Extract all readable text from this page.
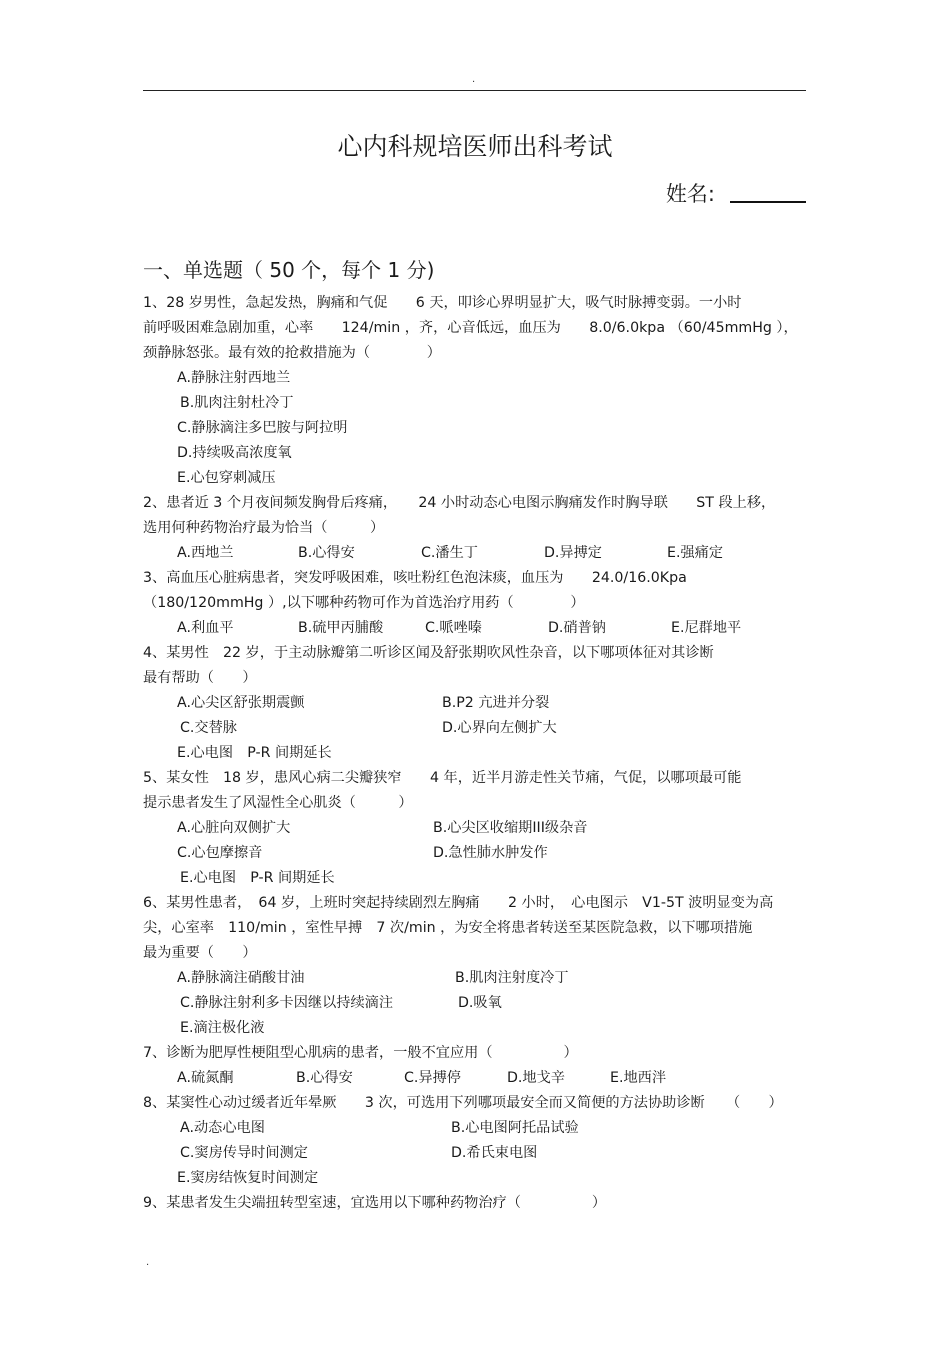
.
心内科规培医师出科考试
姓名:
一、单选题（ 50 个，每个 1 分)
1、28 岁男性，急起发热，胸痛和气促　　6 天，叩诊心界明显扩大，吸气时脉搏变弱。一小时
前呼吸困难急剧加重，心率　　124/min ，齐，心音低远，血压为　　8.0/6.0kpa （60/45mmHg ），
颈静脉怒张。最有效的抢救措施为（　　　　）
A.静脉注射西地兰
B.肌肉注射杜冷丁
C.静脉滴注多巴胺与阿拉明
D.持续吸高浓度氧
E.心包穿刺减压
2、患者近 3 个月夜间频发胸骨后疼痛，　　24 小时动态心电图示胸痛发作时胸导联　　ST 段上移，
选用何种药物治疗最为恰当（　　　）
A.西地兰	B.心得安	C.潘生丁	D.异搏定	E.强痛定
3、高血压心脏病患者，突发呼吸困难，咳吐粉红色泡沫痰，血压为　　24.0/16.0Kpa
（180/120mmHg ）,以下哪种药物可作为首选治疗用药（　　　　）
A.利血平	B.硫甲丙脯酸	C.哌唑嗪	D.硝普钠	E.尼群地平
4、某男性　22 岁，于主动脉瓣第二听诊区闻及舒张期吹风性杂音，以下哪项体征对其诊断
最有帮助（　　）
A.心尖区舒张期震颤	B.P2 亢进并分裂
C.交替脉	D.心界向左侧扩大
E.心电图　P-R 间期延长
5、某女性　18 岁，患风心病二尖瓣狭窄　　4 年，近半月游走性关节痛，气促，以哪项最可能
提示患者发生了风湿性全心肌炎（　　　）
A.心脏向双侧扩大	B.心尖区收缩期III级杂音
C.心包摩擦音	D.急性肺水肿发作
E.心电图　P-R 间期延长
6、某男性患者，　64 岁，上班时突起持续剧烈左胸痛　　2 小时，　心电图示　V1-5T 波明显变为高
尖，心室率　110/min ，室性早搏　7 次/min ，为安全将患者转送至某医院急救，以下哪项措施
最为重要（　　）
A.静脉滴注硝酸甘油	B.肌肉注射度冷丁
C.静脉注射利多卡因继以持续滴注	D.吸氧
E.滴注极化液
7、诊断为肥厚性梗阻型心肌病的患者，一般不宜应用（　　　　　）
A.硫氮酮	B.心得安	C.异搏停	D.地戈辛	E.地西泮
8、某窦性心动过缓者近年晕厥　　3 次，可选用下列哪项最安全而又简便的方法协助诊断　　（　　）
A.动态心电图	B.心电图阿托品试验
C.窦房传导时间测定	D.希氏束电图
E.窦房结恢复时间测定
9、某患者发生尖端扭转型室速，宜选用以下哪种药物治疗（　　　　　）
.
